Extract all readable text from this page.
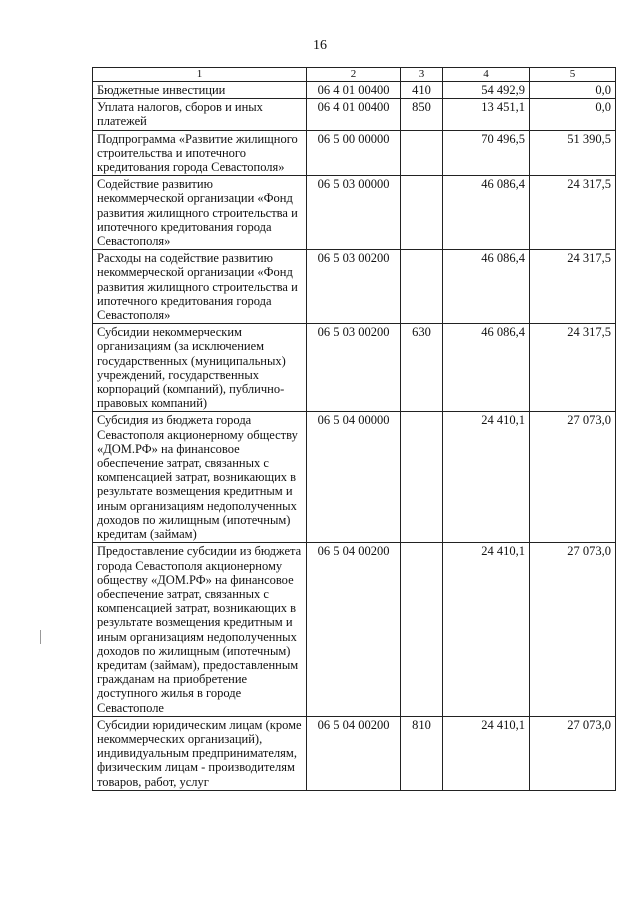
16
1	2	3	4	5
Бюджетные инвестиции	06 4 01 00400	410	54 492,9	0,0
Уплата налогов, сборов и иных платежей	06 4 01 00400	850	13 451,1	0,0
Подпрограмма «Развитие жилищного строительства и ипотечного кредитования города Севастополя»	06 5 00 00000		70 496,5	51 390,5
Содействие развитию некоммерческой организации «Фонд развития жилищного строительства и ипотечного кредитования города Севастополя»	06 5 03 00000		46 086,4	24 317,5
Расходы на содействие развитию некоммерческой организации «Фонд развития жилищного строительства и ипотечного кредитования города Севастополя»	06 5 03 00200		46 086,4	24 317,5
Субсидии некоммерческим организациям (за исключением государственных (муниципальных) учреждений, государственных корпораций (компаний), публично-правовых компаний)	06 5 03 00200	630	46 086,4	24 317,5
Субсидия из бюджета города Севастополя акционерному обществу «ДОМ.РФ» на финансовое обеспечение затрат, связанных с компенсацией затрат, возникающих в результате возмещения кредитным и иным организациям недополученных доходов по жилищным (ипотечным) кредитам (займам)	06 5 04 00000		24 410,1	27 073,0
Предоставление субсидии из бюджета города Севастополя акционерному обществу «ДОМ.РФ» на финансовое обеспечение затрат, связанных с компенсацией затрат, возникающих в результате возмещения кредитным и иным организациям недополученных доходов по жилищным (ипотечным) кредитам (займам), предоставленным гражданам на приобретение доступного жилья в городе Севастополе	06 5 04 00200		24 410,1	27 073,0
Субсидии юридическим лицам (кроме некоммерческих организаций), индивидуальным предпринимателям, физическим лицам - производителям товаров, работ, услуг	06 5 04 00200	810	24 410,1	27 073,0
